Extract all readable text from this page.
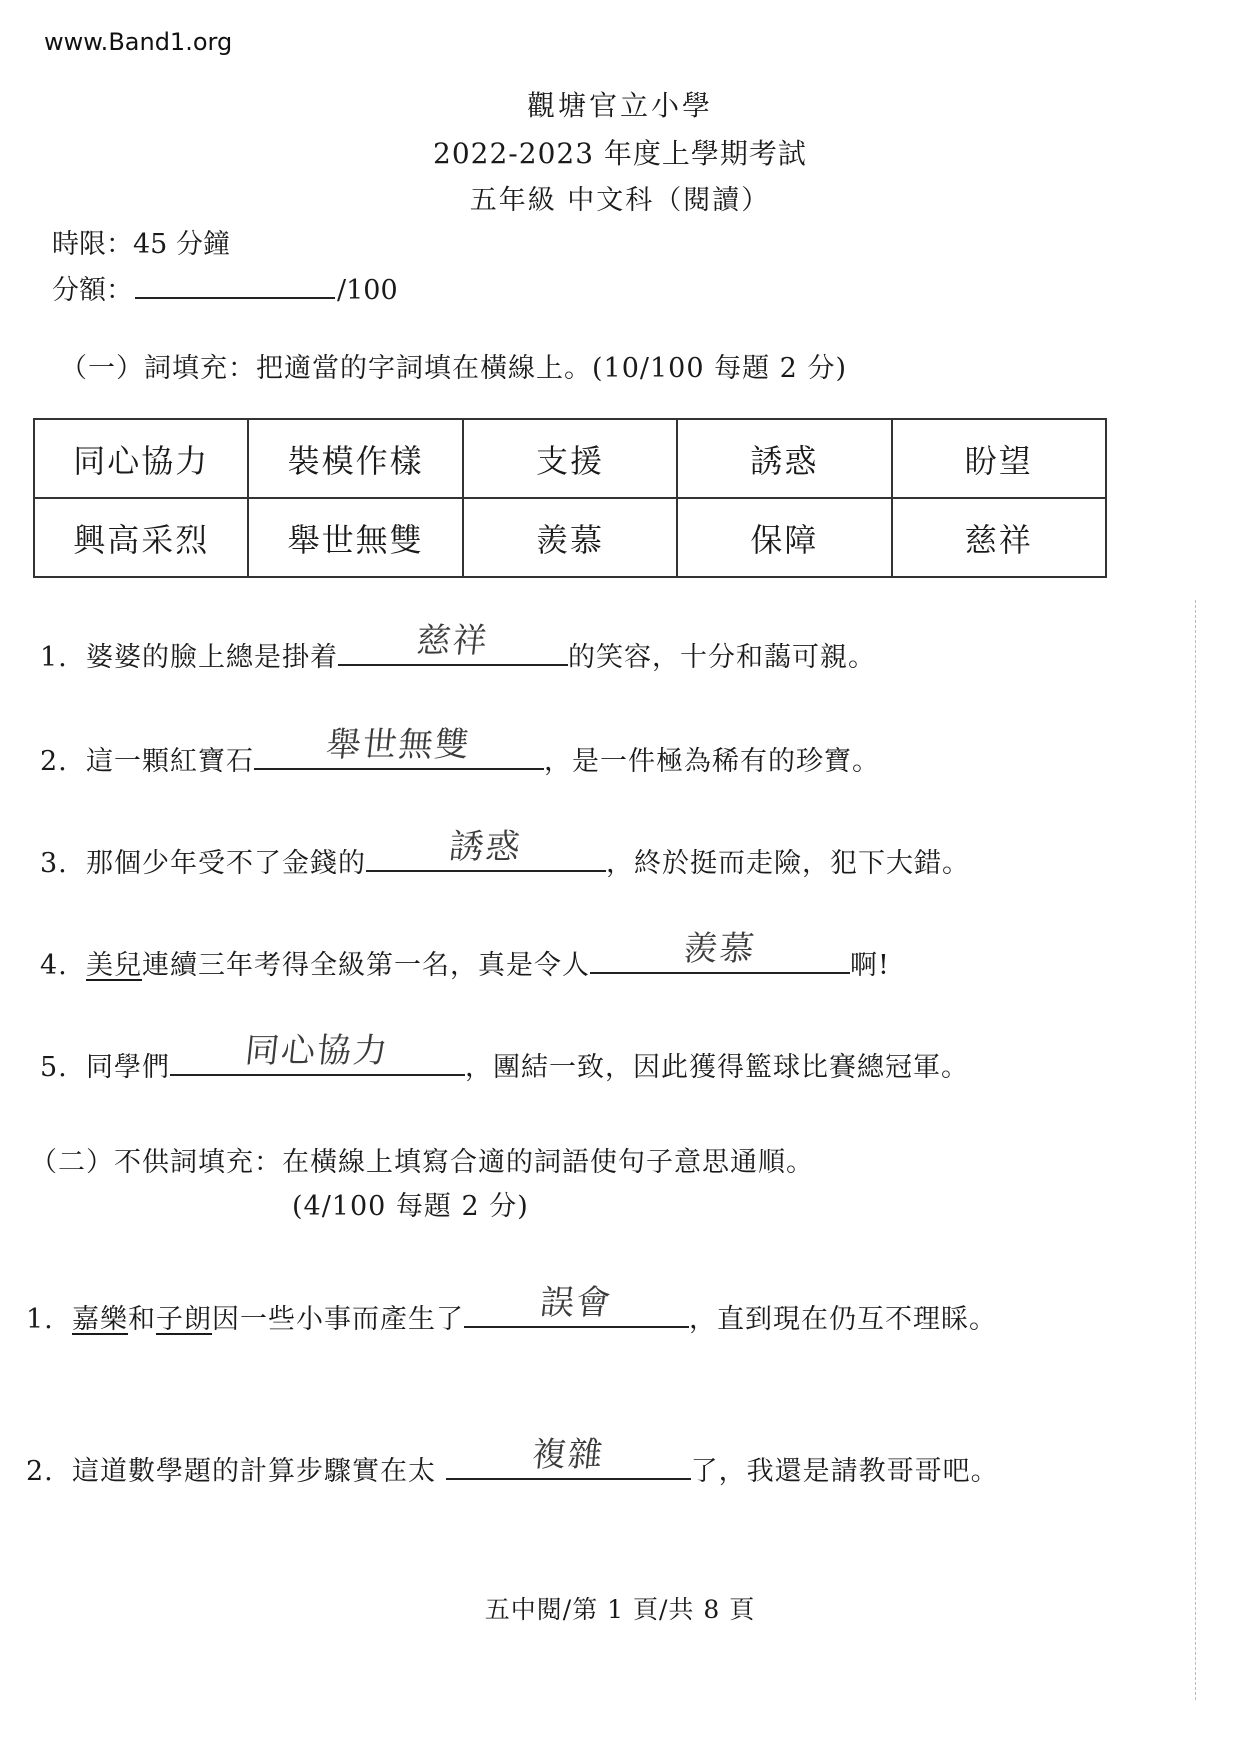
www.Band1.org
觀塘官立小學
2022-2023 年度上學期考試
五年級 中文科（閱讀）
時限：45 分鐘
分額：	/100
（一）詞填充：把適當的字詞填在橫線上。(10/100 每題 2 分)
同心協力	裝模作樣	支援	誘惑	盼望
興高采烈	舉世無雙	羨慕	保障	慈祥
1. 婆婆的臉上總是掛着	慈祥	的笑容，十分和藹可親。
2. 這一顆紅寶石	舉世無雙	，是一件極為稀有的珍寶。
3. 那個少年受不了金錢的	誘惑	，終於挺而走險，犯下大錯。
4. 美兒連續三年考得全級第一名，真是令人	羨慕	啊!
5. 同學們	同心協力	，團結一致，因此獲得籃球比賽總冠軍。
（二）不供詞填充：在橫線上填寫合適的詞語使句子意思通順。
(4/100 每題 2 分)
1. 嘉樂和子朗因一些小事而產生了	誤會	，直到現在仍互不理睬。
2. 這道數學題的計算步驟實在太	複雜	了，我還是請教哥哥吧。
五中閱/第 1 頁/共 8 頁
